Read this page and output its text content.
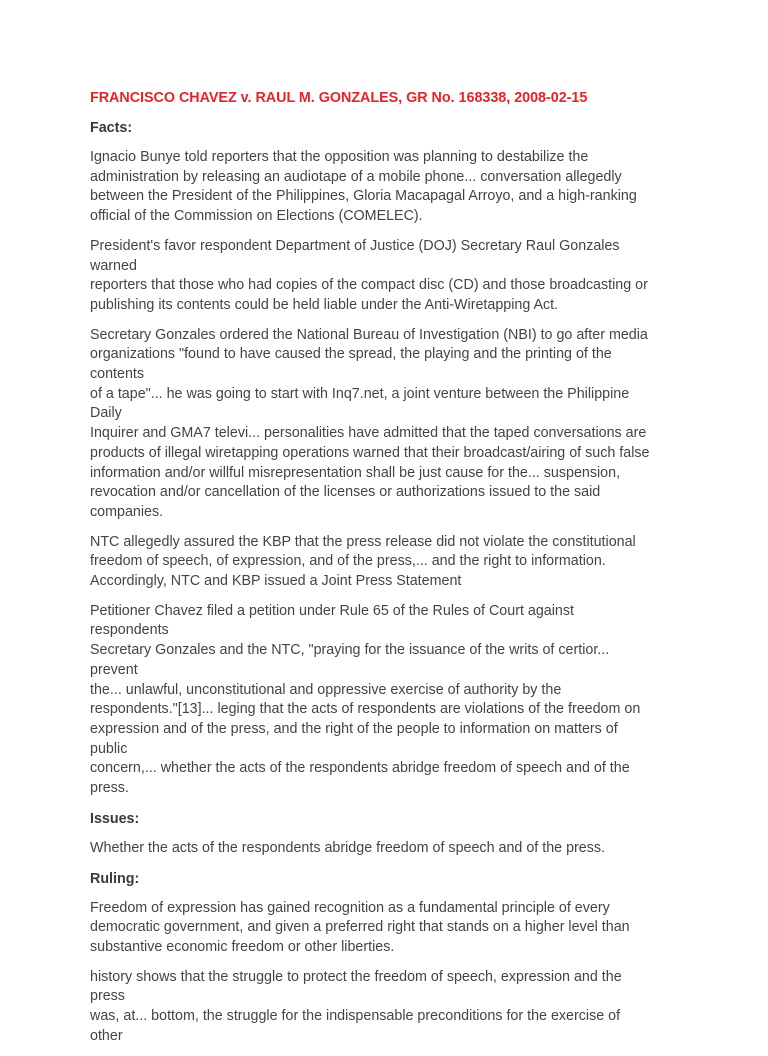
FRANCISCO CHAVEZ v. RAUL M. GONZALES, GR No. 168338, 2008-02-15
Facts:

Ignacio Bunye told reporters that the opposition was planning to destabilize the
administration by releasing an audiotape of a mobile phone... conversation allegedly
between the President of the Philippines, Gloria Macapagal Arroyo, and a high-ranking
official of the Commission on Elections (COMELEC).

President's favor respondent Department of Justice (DOJ) Secretary Raul Gonzales warned
reporters that those who had copies of the compact disc (CD) and those broadcasting or
publishing its contents could be held liable under the Anti-Wiretapping Act.

Secretary Gonzales ordered the National Bureau of Investigation (NBI) to go after media
organizations "found to have caused the spread, the playing and the printing of the contents
of a tape"... he was going to start with Inq7.net, a joint venture between the Philippine Daily
Inquirer and GMA7 televi... personalities have admitted that the taped conversations are
products of illegal wiretapping operations warned that their broadcast/airing of such false
information and/or willful misrepresentation shall be just cause for the... suspension,
revocation and/or cancellation of the licenses or authorizations issued to the said
companies.

NTC allegedly assured the KBP that the press release did not violate the constitutional
freedom of speech, of expression, and of the press,... and the right to information.
Accordingly, NTC and KBP issued a Joint Press Statement

Petitioner Chavez filed a petition under Rule 65 of the Rules of Court against respondents
Secretary Gonzales and the NTC, "praying for the issuance of the writs of certior... prevent
the... unlawful, unconstitutional and oppressive exercise of authority by the
respondents."[13]... leging that the acts of respondents are violations of the freedom on
expression and of the press, and the right of the people to information on matters of public
concern,... whether the acts of the respondents abridge freedom of speech and of the
press.

Issues:

Whether the acts of the respondents abridge freedom of speech and of the press.

Ruling:

Freedom of expression has gained recognition as a fundamental principle of every
democratic government, and given a preferred right that stands on a higher level than
substantive economic freedom or other liberties.

history shows that the struggle to protect the freedom of speech, expression and the press
was, at... bottom, the struggle for the indispensable preconditions for the exercise of other
